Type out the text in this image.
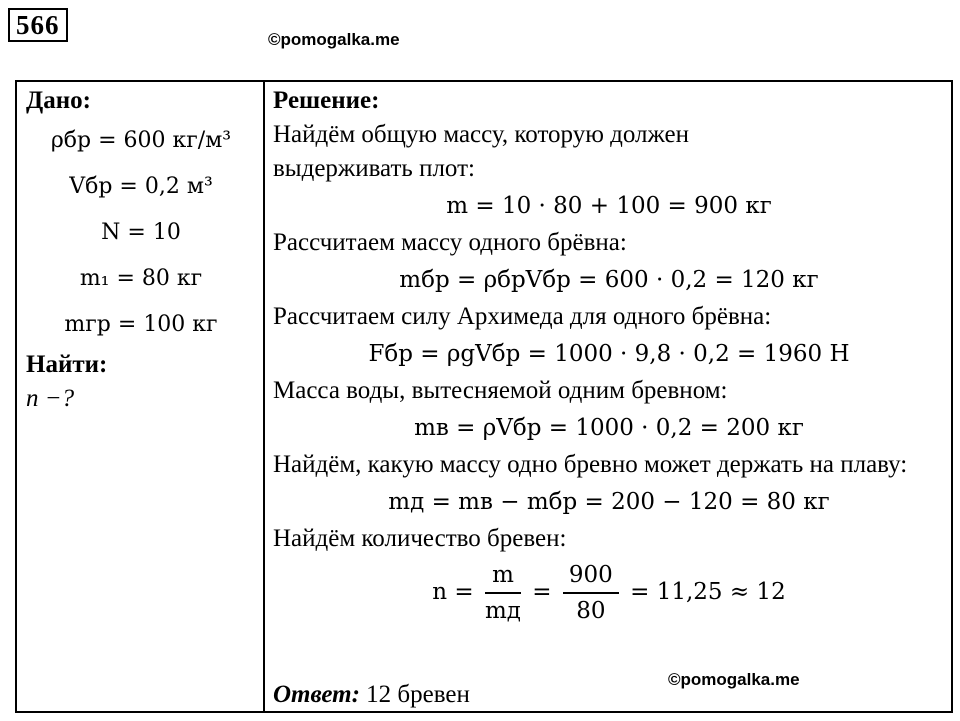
566	©pomogalka.me
Дано:
ρбр = 600 кг/м³
Vбр = 0,2 м³
N = 10
m₁ = 80 кг
mгр = 100 кг
Найти:
n −?
Решение:
Найдём общую массу, которую должен выдерживать плот:
m = 10 · 80 + 100 = 900 кг
Рассчитаем массу одного брёвна:
mбр = ρбрVбр = 600 · 0,2 = 120 кг
Рассчитаем силу Архимеда для одного брёвна:
Fбр = ρgVбр = 1000 · 9,8 · 0,2 = 1960 Н
Масса воды, вытесняемой одним бревном:
mв = ρVбр = 1000 · 0,2 = 200 кг
Найдём, какую массу одно бревно может держать на плаву:
mд = mв − mбр = 200 − 120 = 80 кг
Найдём количество бревен:
$n = \frac{m}{mд} = \frac{900}{80} = 11,25 \approx 12$
Ответ: 12 бревен
©pomogalka.me
